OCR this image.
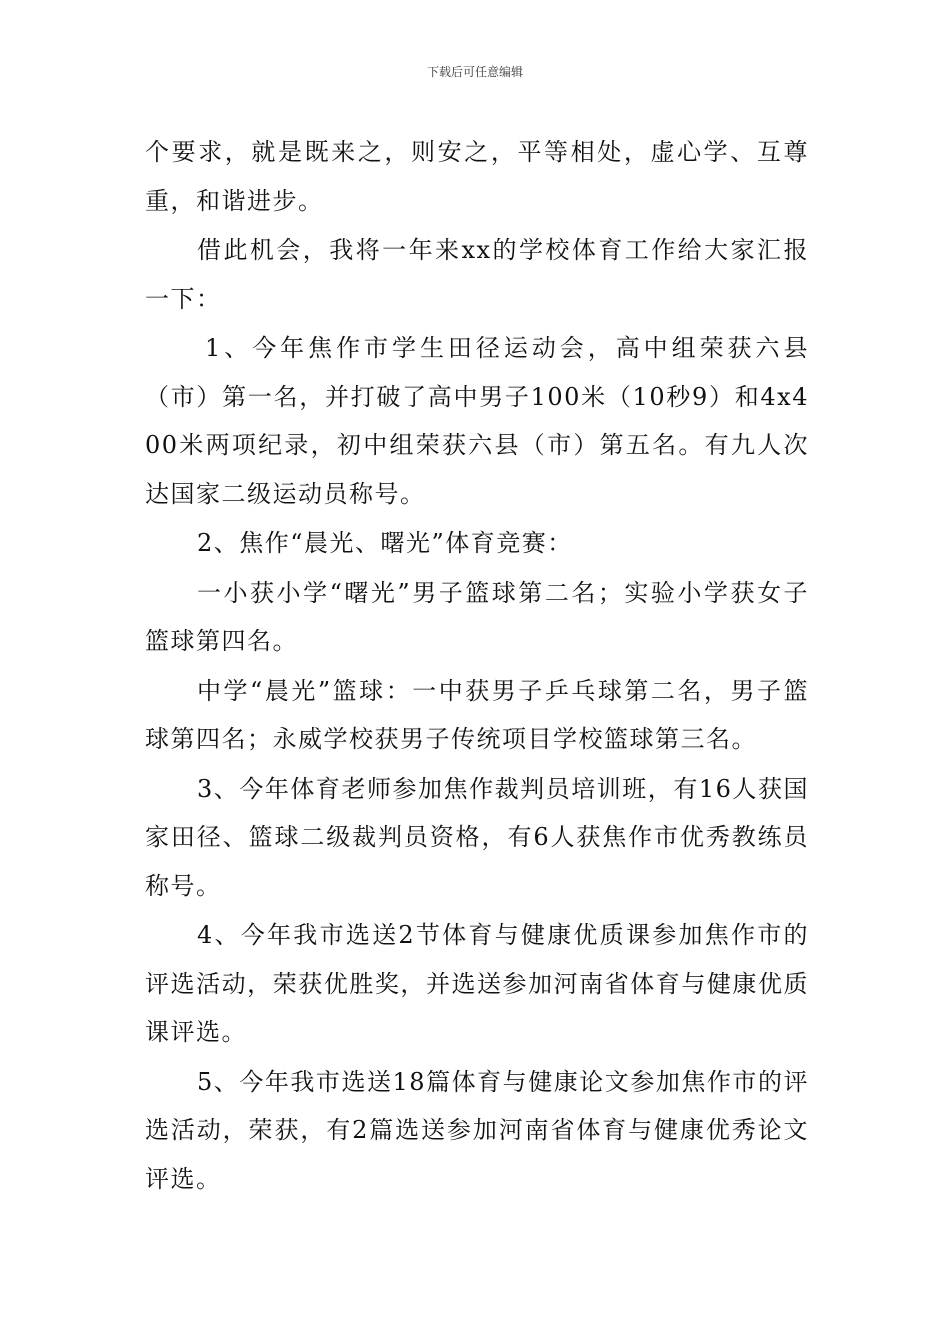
下载后可任意编辑

个要求，就是既来之，则安之，平等相处，虚心学、互尊重，和谐进步。

借此机会，我将一年来xx的学校体育工作给大家汇报一下：

1、今年焦作市学生田径运动会，高中组荣获六县（市）第一名，并打破了高中男子100米（10秒9）和4x400米两项纪录，初中组荣获六县（市）第五名。有九人次达国家二级运动员称号。

2、焦作“晨光、曙光”体育竞赛：

一小获小学“曙光”男子篮球第二名；实验小学获女子篮球第四名。

中学“晨光”篮球：一中获男子乒乓球第二名，男子篮球第四名；永威学校获男子传统项目学校篮球第三名。

3、今年体育老师参加焦作裁判员培训班，有16人获国家田径、篮球二级裁判员资格，有6人获焦作市优秀教练员称号。

4、今年我市选送2节体育与健康优质课参加焦作市的评选活动，荣获优胜奖，并选送参加河南省体育与健康优质课评选。

5、今年我市选送18篇体育与健康论文参加焦作市的评选活动，荣获，有2篇选送参加河南省体育与健康优秀论文评选。
